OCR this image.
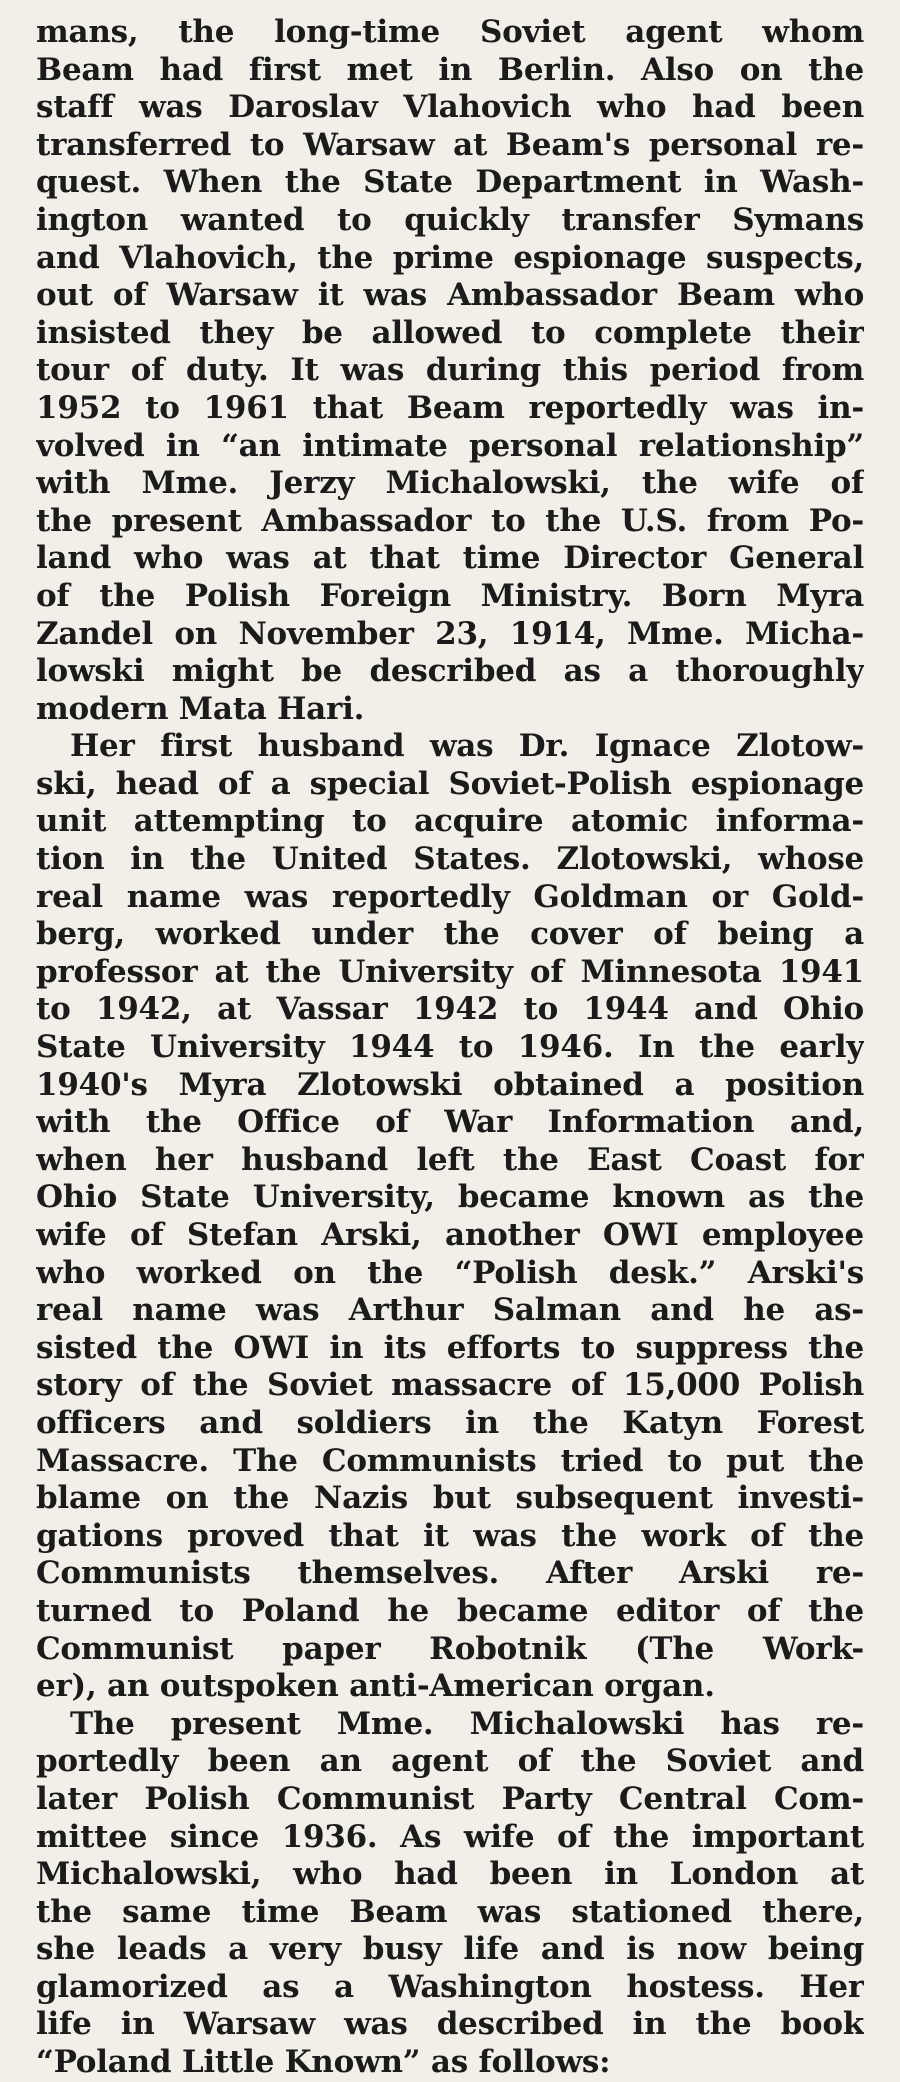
mans, the long-time Soviet agent whom
Beam had first met in Berlin. Also on the
staff was Daroslav Vlahovich who had been
transferred to Warsaw at Beam's personal re-
quest. When the State Department in Wash-
ington wanted to quickly transfer Symans
and Vlahovich, the prime espionage suspects,
out of Warsaw it was Ambassador Beam who
insisted they be allowed to complete their
tour of duty. It was during this period from
1952 to 1961 that Beam reportedly was in-
volved in “an intimate personal relationship”
with Mme. Jerzy Michalowski, the wife of
the present Ambassador to the U.S. from Po-
land who was at that time Director General
of the Polish Foreign Ministry. Born Myra
Zandel on November 23, 1914, Mme. Micha-
lowski might be described as a thoroughly
modern Mata Hari.
Her first husband was Dr. Ignace Zlotow-
ski, head of a special Soviet-Polish espionage
unit attempting to acquire atomic informa-
tion in the United States. Zlotowski, whose
real name was reportedly Goldman or Gold-
berg, worked under the cover of being a
professor at the University of Minnesota 1941
to 1942, at Vassar 1942 to 1944 and Ohio
State University 1944 to 1946. In the early
1940's Myra Zlotowski obtained a position
with the Office of War Information and,
when her husband left the East Coast for
Ohio State University, became known as the
wife of Stefan Arski, another OWI employee
who worked on the “Polish desk.” Arski's
real name was Arthur Salman and he as-
sisted the OWI in its efforts to suppress the
story of the Soviet massacre of 15,000 Polish
officers and soldiers in the Katyn Forest
Massacre. The Communists tried to put the
blame on the Nazis but subsequent investi-
gations proved that it was the work of the
Communists themselves. After Arski re-
turned to Poland he became editor of the
Communist paper Robotnik (The Work-
er), an outspoken anti-American organ.
The present Mme. Michalowski has re-
portedly been an agent of the Soviet and
later Polish Communist Party Central Com-
mittee since 1936. As wife of the important
Michalowski, who had been in London at
the same time Beam was stationed there,
she leads a very busy life and is now being
glamorized as a Washington hostess. Her
life in Warsaw was described in the book
“Poland Little Known” as follows:
